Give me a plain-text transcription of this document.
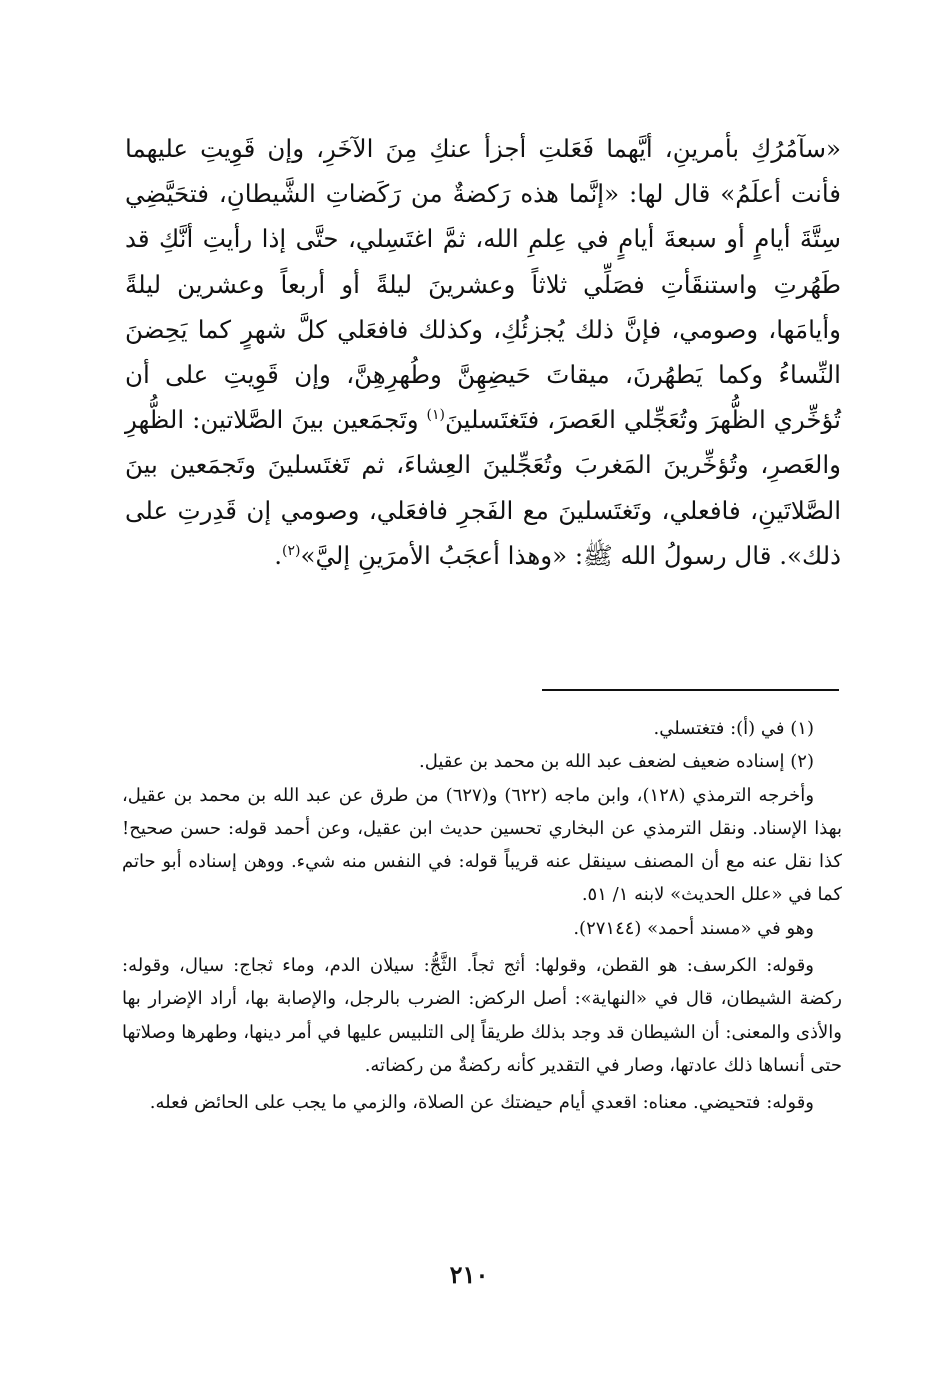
«سآمُرُكِ بأمرينِ، أيَّهما فَعَلتِ أجزأ عنكِ مِنَ الآخَرِ، وإن قَوِيتِ عليهما فأنت أعلَمُ» قال لها: «إنَّما هذه رَكضةٌ من رَكَضاتِ الشَّيطانِ، فتحَيَّضِي سِتَّةَ أيامٍ أو سبعةَ أيامٍ في عِلمِ الله، ثمَّ اغتَسِلي، حتَّى إذا رأيتِ أنَّكِ قد طَهُرتِ واستنقَأتِ فصَلِّي ثلاثاً وعشرينَ ليلةً أو أربعاً وعشرين ليلةً وأيامَها، وصومي، فإنَّ ذلك يُجزئُكِ، وكذلك فافعَلي كلَّ شهرٍ كما يَحِضنَ النِّساءُ وكما يَطهُرنَ، ميقاتَ حَيضِهِنَّ وطُهرِهِنَّ، وإن قَوِيتِ على أن تُؤخِّري الظُّهرَ وتُعَجِّلي العَصرَ، فتَغتَسلينَ$^{(١)}$ وتَجمَعين بينَ الصَّلاتين: الظُّهرِ والعَصرِ، وتُؤخِّرينَ المَغربَ وتُعَجِّلينَ العِشاءَ، ثم تَغتَسلينَ وتَجمَعين بينَ الصَّلاتَينِ، فافعلي، وتَغتَسلينَ مع الفَجرِ فافعَلي، وصومي إن قَدِرتِ على ذلك». قال رسولُ الله ﷺ: «وهذا أعجَبُ الأمرَينِ إليَّ»$^{(٢)}$.

(١) في (أ): فتغتسلي.

(٢) إسناده ضعيف لضعف عبد الله بن محمد بن عقيل.

وأخرجه الترمذي (١٢٨)، وابن ماجه (٦٢٢) و(٦٢٧) من طرق عن عبد الله بن محمد بن عقيل، بهذا الإسناد. ونقل الترمذي عن البخاري تحسين حديث ابن عقيل، وعن أحمد قوله: حسن صحيح! كذا نقل عنه مع أن المصنف سينقل عنه قريباً قوله: في النفس منه شيء. ووهن إسناده أبو حاتم كما في «علل الحديث» لابنه ١/ ٥١.

وهو في «مسند أحمد» (٢٧١٤٤).

وقوله: الكرسف: هو القطن، وقولها: أثج ثجاً. الثَّجُّ: سيلان الدم، وماء ثجاج: سيال، وقوله: ركضة الشيطان، قال في «النهاية»: أصل الركض: الضرب بالرجل، والإصابة بها، أراد الإضرار بها والأذى والمعنى: أن الشيطان قد وجد بذلك طريقاً إلى التلبيس عليها في أمر دينها، وطهرها وصلاتها حتى أنساها ذلك عادتها، وصار في التقدير كأنه ركضةٌ من ركضاته.

وقوله: فتحيضي. معناه: اقعدي أيام حيضتك عن الصلاة، والزمي ما يجب على الحائض فعله.

٢١٠
